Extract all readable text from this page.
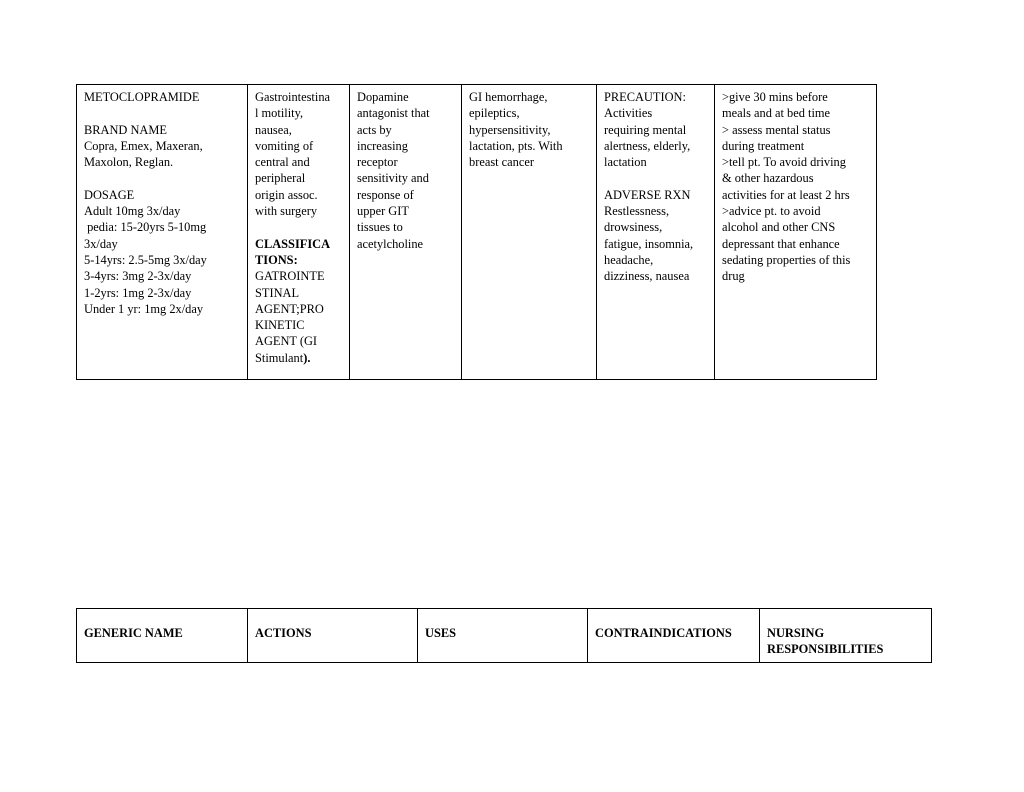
METOCLOPRAMIDE
BRAND NAME
Copra, Emex, Maxeran,
Maxolon, Reglan.
DOSAGE
Adult 10mg 3x/day
pedia: 15-20yrs 5-10mg
3x/day
5-14yrs: 2.5-5mg 3x/day
3-4yrs: 3mg 2-3x/day
1-2yrs: 1mg 2-3x/day
Under 1 yr: 1mg 2x/day

Gastrointestina
l motility,
nausea,
vomiting of
central and
peripheral
origin assoc.
with surgery
CLASSIFICA
TIONS:
GATROINTE
STINAL
AGENT;PRO
KINETIC
AGENT (GI
Stimulant).

Dopamine
antagonist that
acts by
increasing
receptor
sensitivity and
response of
upper GIT
tissues to
acetylcholine

GI hemorrhage,
epileptics,
hypersensitivity,
lactation, pts. With
breast cancer

PRECAUTION:
Activities
requiring mental
alertness, elderly,
lactation
ADVERSE RXN
Restlessness,
drowsiness,
fatigue, insomnia,
headache,
dizziness, nausea

>give 30 mins before
meals and at bed time
> assess mental status
during treatment
>tell pt. To avoid driving
& other hazardous
activities for at least 2 hrs
>advice pt. to avoid
alcohol and other CNS
depressant that enhance
sedating properties of this
drug
GENERIC NAME	ACTIONS	USES	CONTRAINDICATIONS	NURSING
RESPONSIBILITIES
